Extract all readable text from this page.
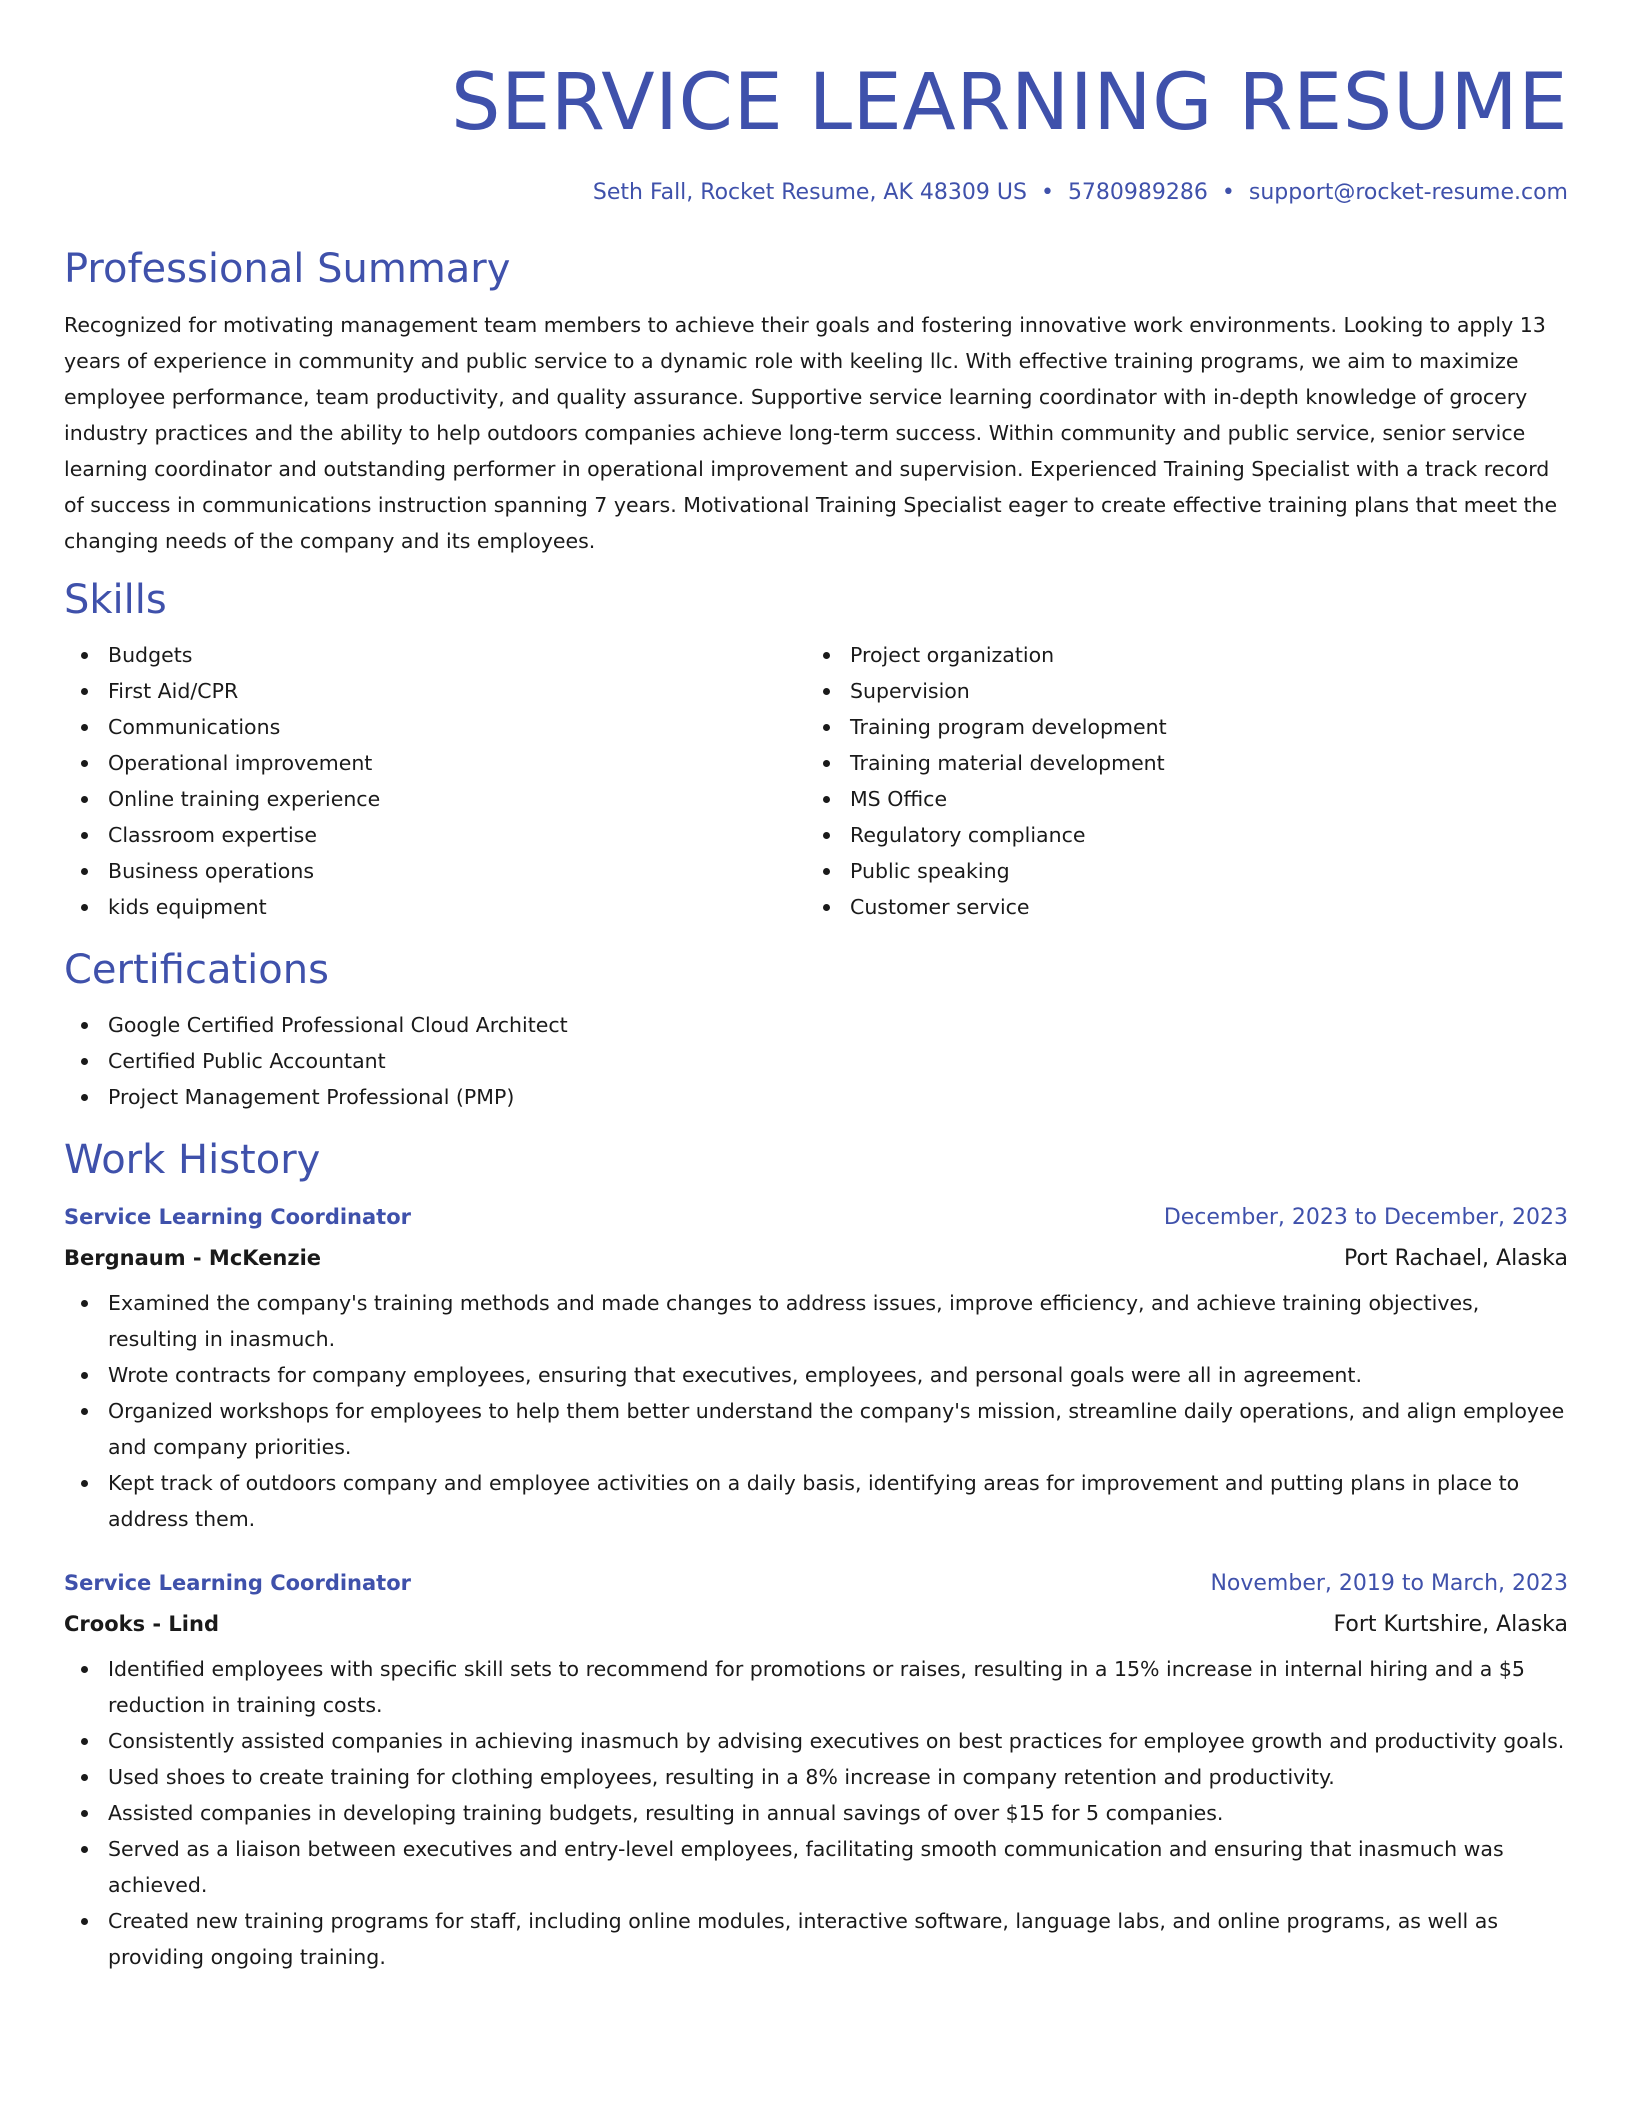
SERVICE LEARNING RESUME
Seth Fall, Rocket Resume, AK 48309 US • 5780989286 • support@rocket-resume.com
Professional Summary

Recognized for motivating management team members to achieve their goals and fostering innovative work environments. Looking to apply 13 years of experience in community and public service to a dynamic role with keeling llc. With effective training programs, we aim to maximize employee performance, team productivity, and quality assurance. Supportive service learning coordinator with in-depth knowledge of grocery industry practices and the ability to help outdoors companies achieve long-term success. Within community and public service, senior service learning coordinator and outstanding performer in operational improvement and supervision. Experienced Training Specialist with a track record of success in communications instruction spanning 7 years. Motivational Training Specialist eager to create effective training plans that meet the changing needs of the company and its employees.

Skills
Budgets
First Aid/CPR
Communications
Operational improvement
Online training experience
Classroom expertise
Business operations
kids equipment
Project organization
Supervision
Training program development
Training material development
MS Office
Regulatory compliance
Public speaking
Customer service
Certifications
Google Certified Professional Cloud Architect
Certified Public Accountant
Project Management Professional (PMP)
Work History
Service Learning Coordinator	December, 2023 to December, 2023
Bergnaum - McKenzie	Port Rachael, Alaska
Examined the company's training methods and made changes to address issues, improve efficiency, and achieve training objectives, resulting in inasmuch.
Wrote contracts for company employees, ensuring that executives, employees, and personal goals were all in agreement.
Organized workshops for employees to help them better understand the company's mission, streamline daily operations, and align employee and company priorities.
Kept track of outdoors company and employee activities on a daily basis, identifying areas for improvement and putting plans in place to address them.
Service Learning Coordinator	November, 2019 to March, 2023
Crooks - Lind	Fort Kurtshire, Alaska
Identified employees with specific skill sets to recommend for promotions or raises, resulting in a 15% increase in internal hiring and a $5 reduction in training costs.
Consistently assisted companies in achieving inasmuch by advising executives on best practices for employee growth and productivity goals.
Used shoes to create training for clothing employees, resulting in a 8% increase in company retention and productivity.
Assisted companies in developing training budgets, resulting in annual savings of over $15 for 5 companies.
Served as a liaison between executives and entry-level employees, facilitating smooth communication and ensuring that inasmuch was achieved.
Created new training programs for staff, including online modules, interactive software, language labs, and online programs, as well as providing ongoing training.
